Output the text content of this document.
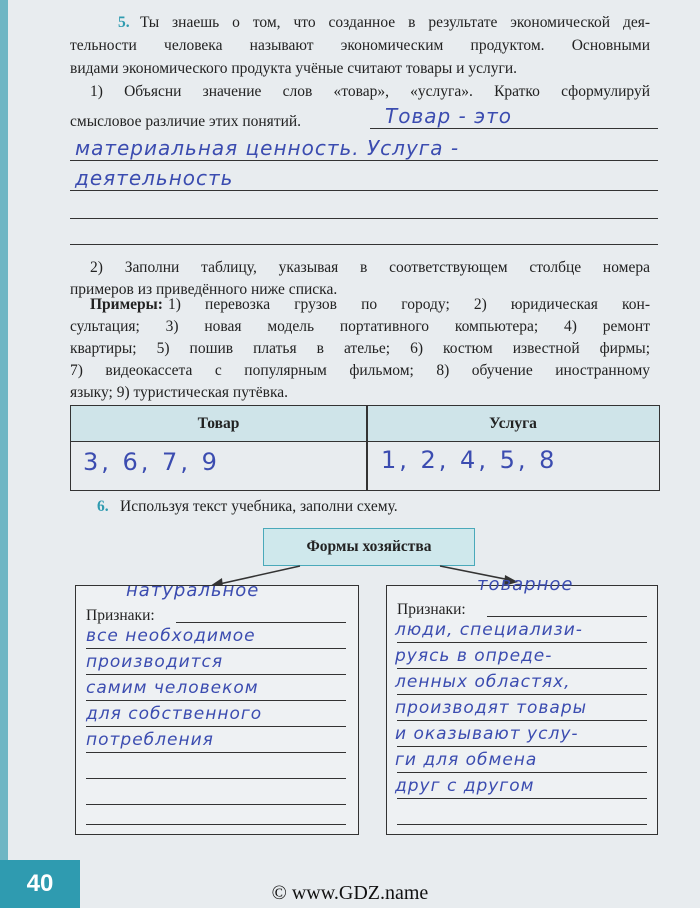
5. Ты знаешь о том, что созданное в результате экономической дея-
тельности человека называют экономическим продуктом. Основными
видами экономического продукта учёные считают товары и услуги.
1) Объясни значение слов «товар», «услуга». Кратко сформулируй
смысловое различие этих понятий.	Товар - это
материальная ценность. Услуга -
деятельность
2) Заполни таблицу, указывая в соответствующем столбце номера
примеров из приведённого ниже списка.
Примеры: 1) перевозка грузов по городу; 2) юридическая кон-
сультация; 3) новая модель портативного компьютера; 4) ремонт
квартиры; 5) пошив платья в ателье; 6) костюм известной фирмы;
7) видеокассета с популярным фильмом; 8) обучение иностранному
языку; 9) туристическая путёвка.
Товар	Услуга
3, 6, 7, 9	1, 2, 4, 5, 8
6. Используя текст учебника, заполни схему.
Формы хозяйства
натуральное
Признаки:
все необходимое
производится
самим человеком
для собственного
потребления
товарное
Признаки:
люди, специализи-
руясь в опреде-
ленных областях,
производят товары
и оказывают услу-
ги для обмена
друг с другом
40	© www.GDZ.name
